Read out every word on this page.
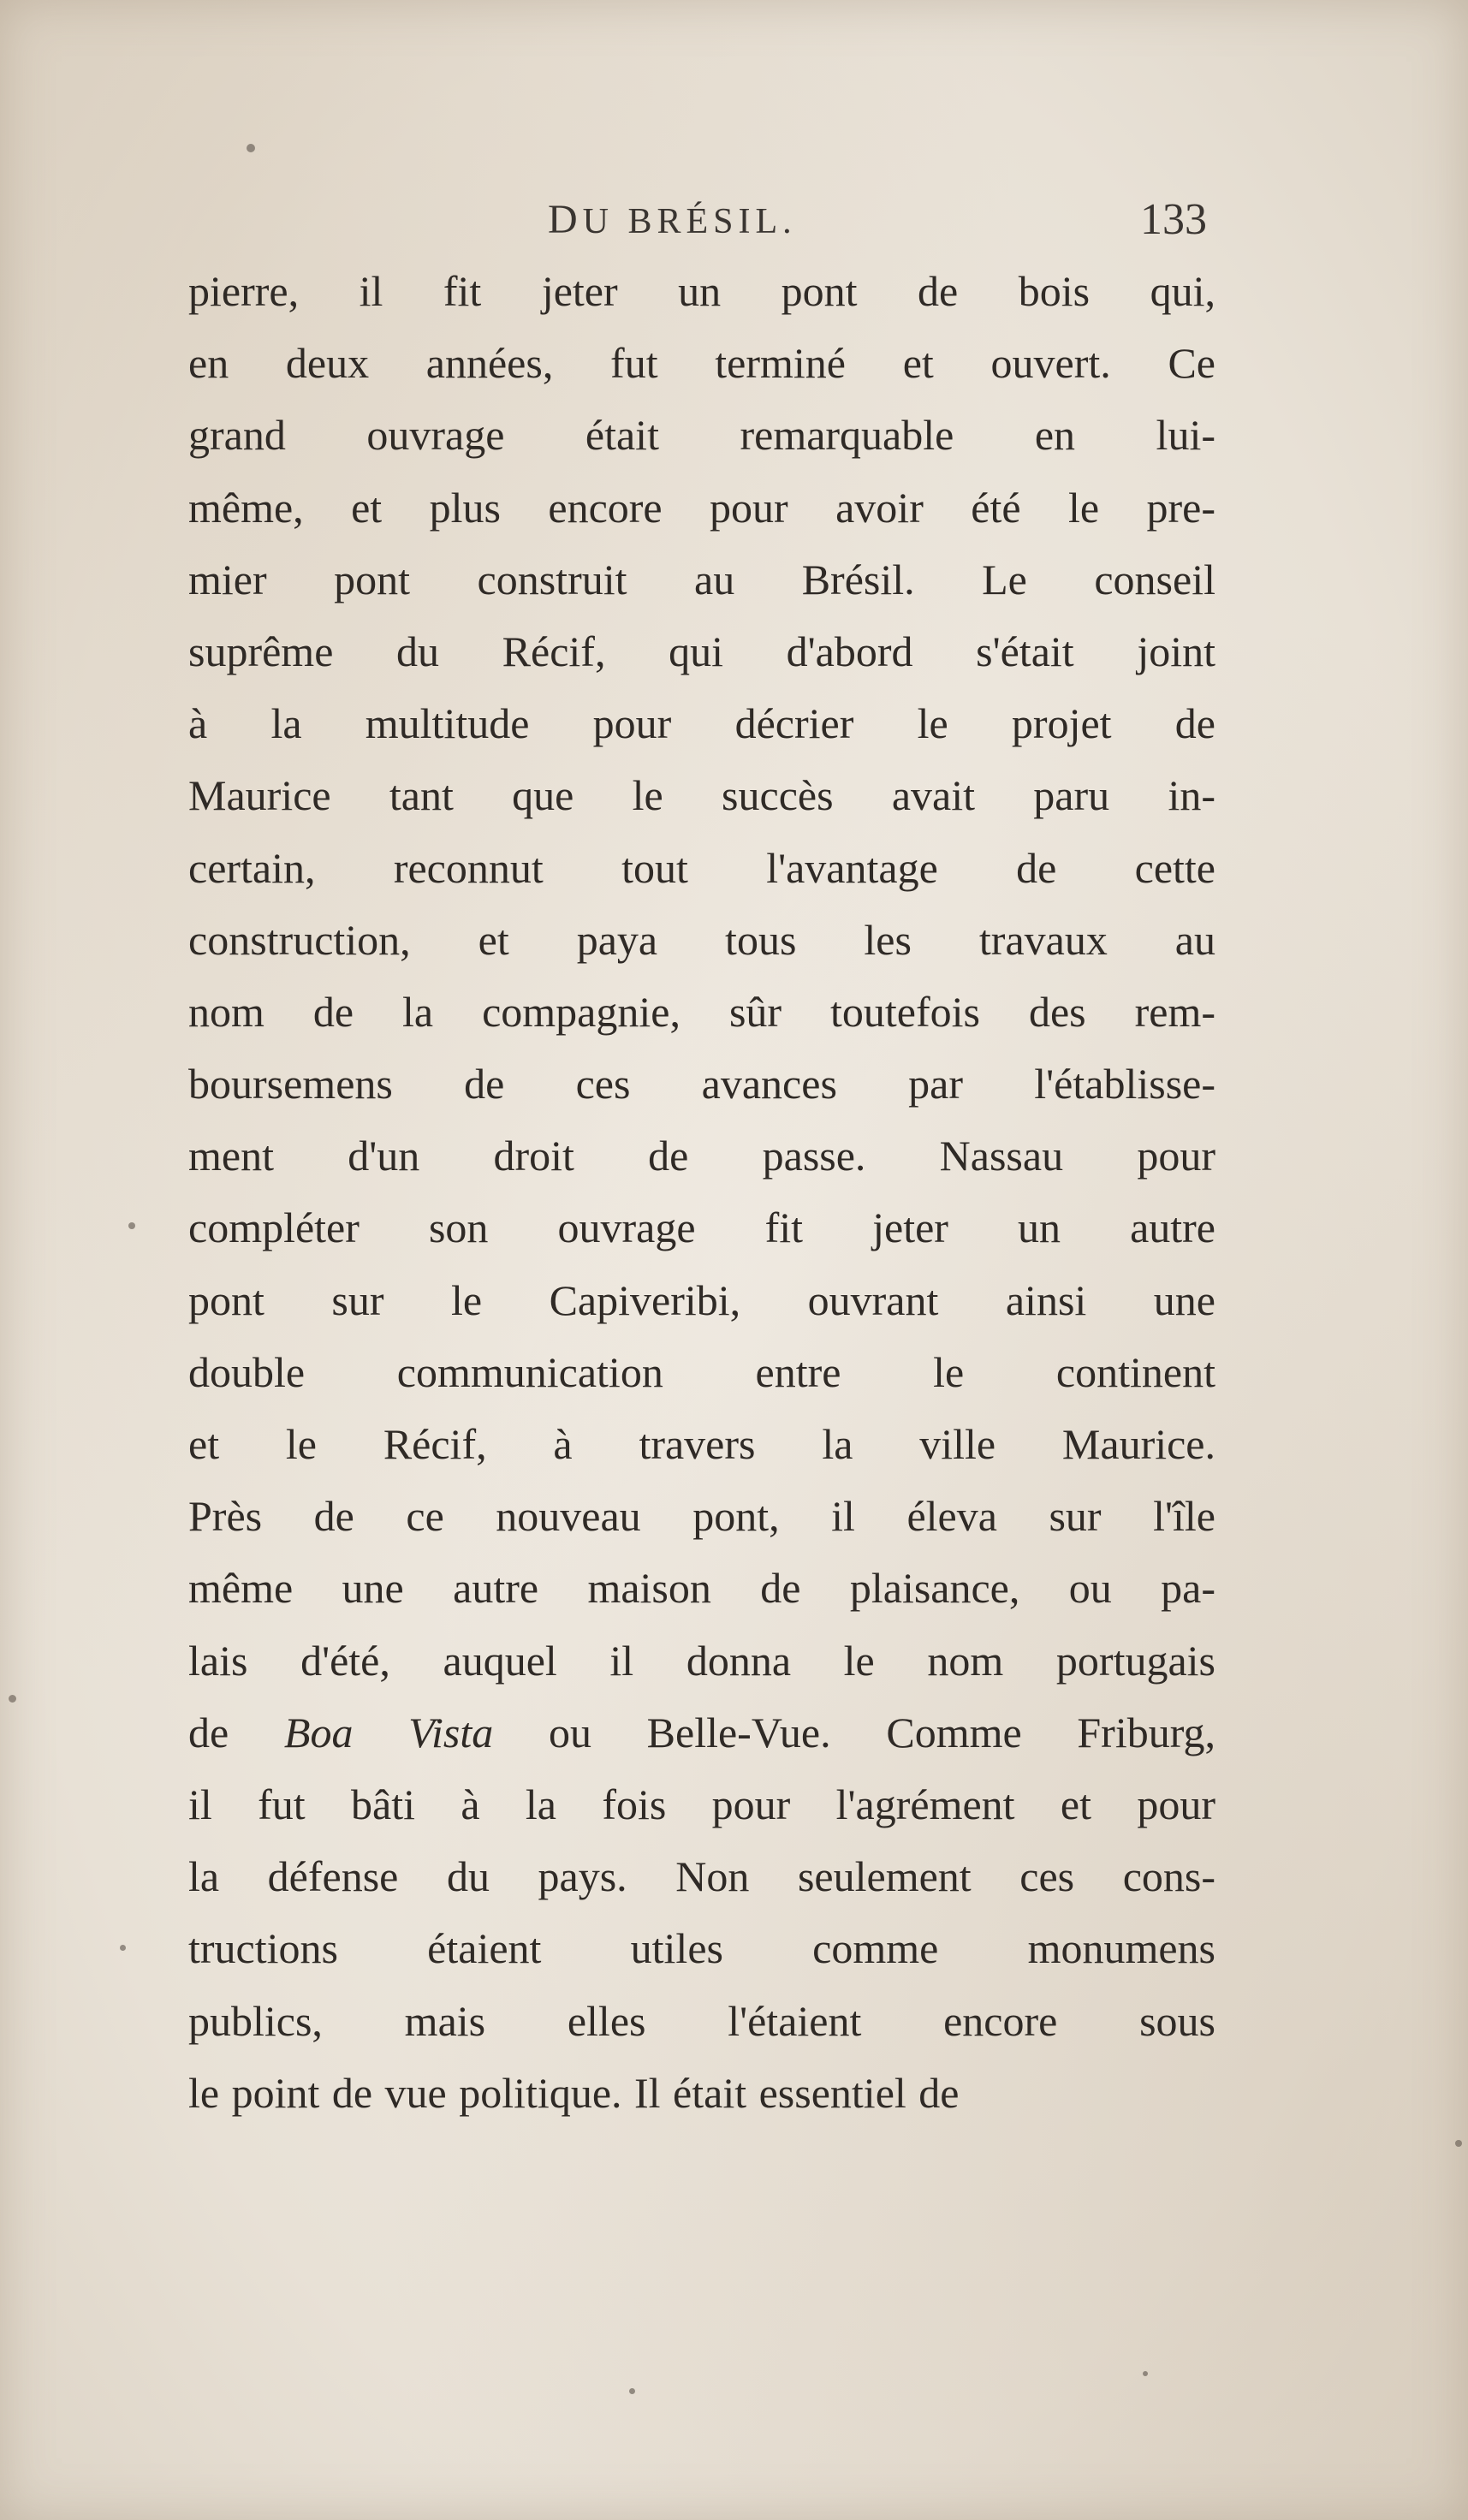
DU BRÉSIL.	133
pierre, il fit jeter un pont de bois qui,
en deux années, fut terminé et ouvert. Ce
grand ouvrage était remarquable en lui-
même, et plus encore pour avoir été le pre-
mier pont construit au Brésil. Le conseil
suprême du Récif, qui d'abord s'était joint
à la multitude pour décrier le projet de
Maurice tant que le succès avait paru in-
certain, reconnut tout l'avantage de cette
construction, et paya tous les travaux au
nom de la compagnie, sûr toutefois des rem-
boursemens de ces avances par l'établisse-
ment d'un droit de passe. Nassau pour
compléter son ouvrage fit jeter un autre
pont sur le Capiveribi, ouvrant ainsi une
double communication entre le continent
et le Récif, à travers la ville Maurice.
Près de ce nouveau pont, il éleva sur l'île
même une autre maison de plaisance, ou pa-
lais d'été, auquel il donna le nom portugais
de Boa Vista ou Belle-Vue. Comme Friburg,
il fut bâti à la fois pour l'agrément et pour
la défense du pays. Non seulement ces cons-
tructions étaient utiles comme monumens
publics, mais elles l'étaient encore sous
le point de vue politique. Il était essentiel de
